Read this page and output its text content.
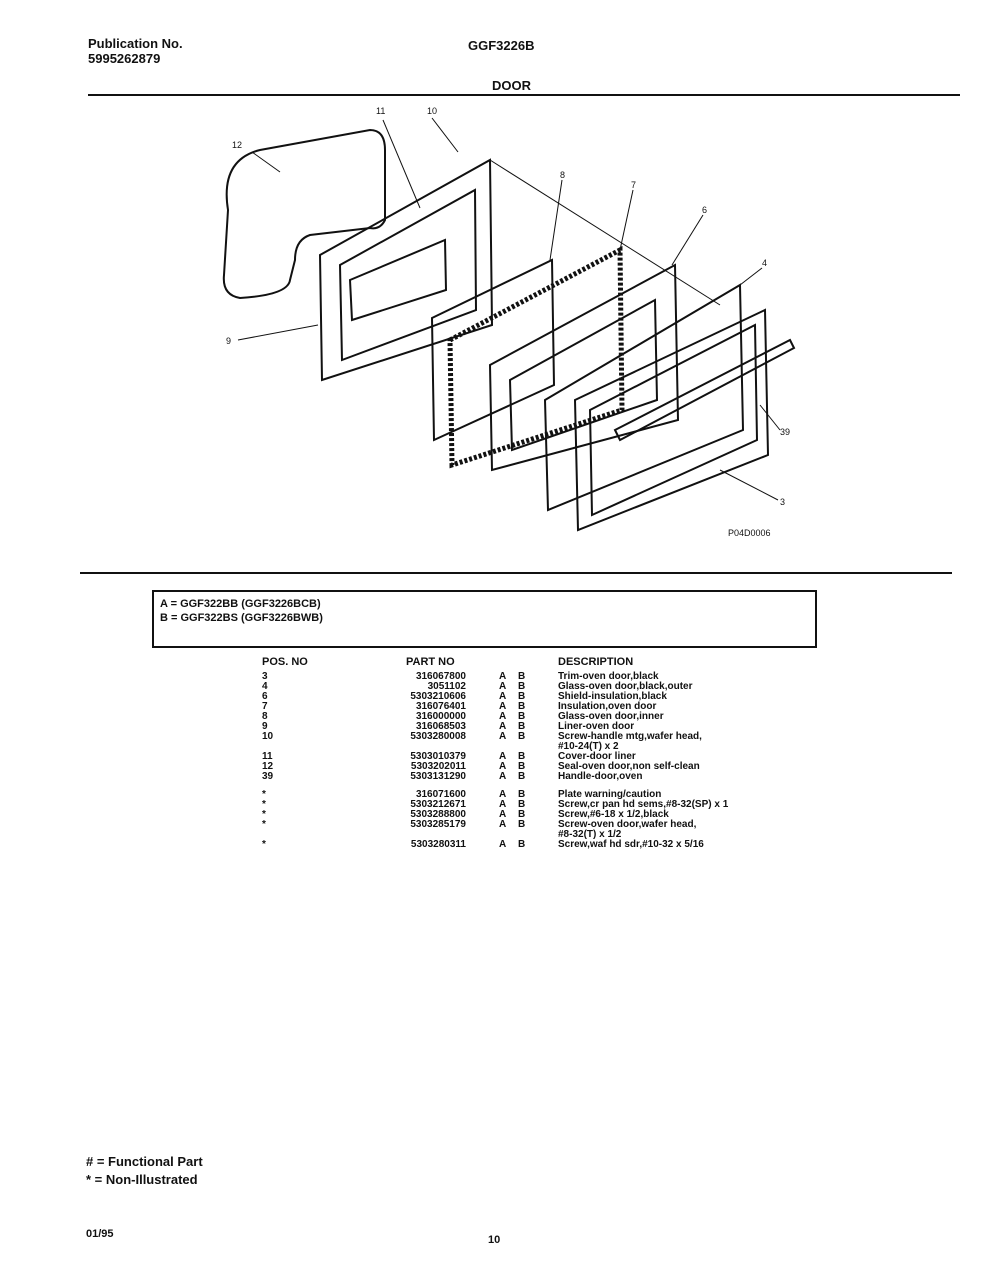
Publication No.
5995262879
GGF3226B
DOOR
12
11	10
8
7
6
4
9
39
3
P04D0006
A = GGF322BB (GGF3226BCB)
B = GGF322BS (GGF3226BWB)
POS. NO	PART NO	DESCRIPTION
3	316067800	A B	Trim-oven door,black
4	3051102	A B	Glass-oven door,black,outer
6	5303210606	A B	Shield-insulation,black
7	316076401	A B	Insulation,oven door
8	316000000	A B	Glass-oven door,inner
9	316068503	A B	Liner-oven door
10	5303280008	A B	Screw-handle mtg,wafer head,
#10-24(T) x 2
11	5303010379	A B	Cover-door liner
12	5303202011	A B	Seal-oven door,non self-clean
39	5303131290	A B	Handle-door,oven
*	316071600	A B	Plate warning/caution
*	5303212671	A B	Screw,cr pan hd sems,#8-32(SP) x 1
*	5303288800	A B	Screw,#6-18 x 1/2,black
*	5303285179	A B	Screw-oven door,wafer head,
#8-32(T) x 1/2
*	5303280311	A B	Screw,waf hd sdr,#10-32 x 5/16
# = Functional Part
* = Non-Illustrated
01/95	10
